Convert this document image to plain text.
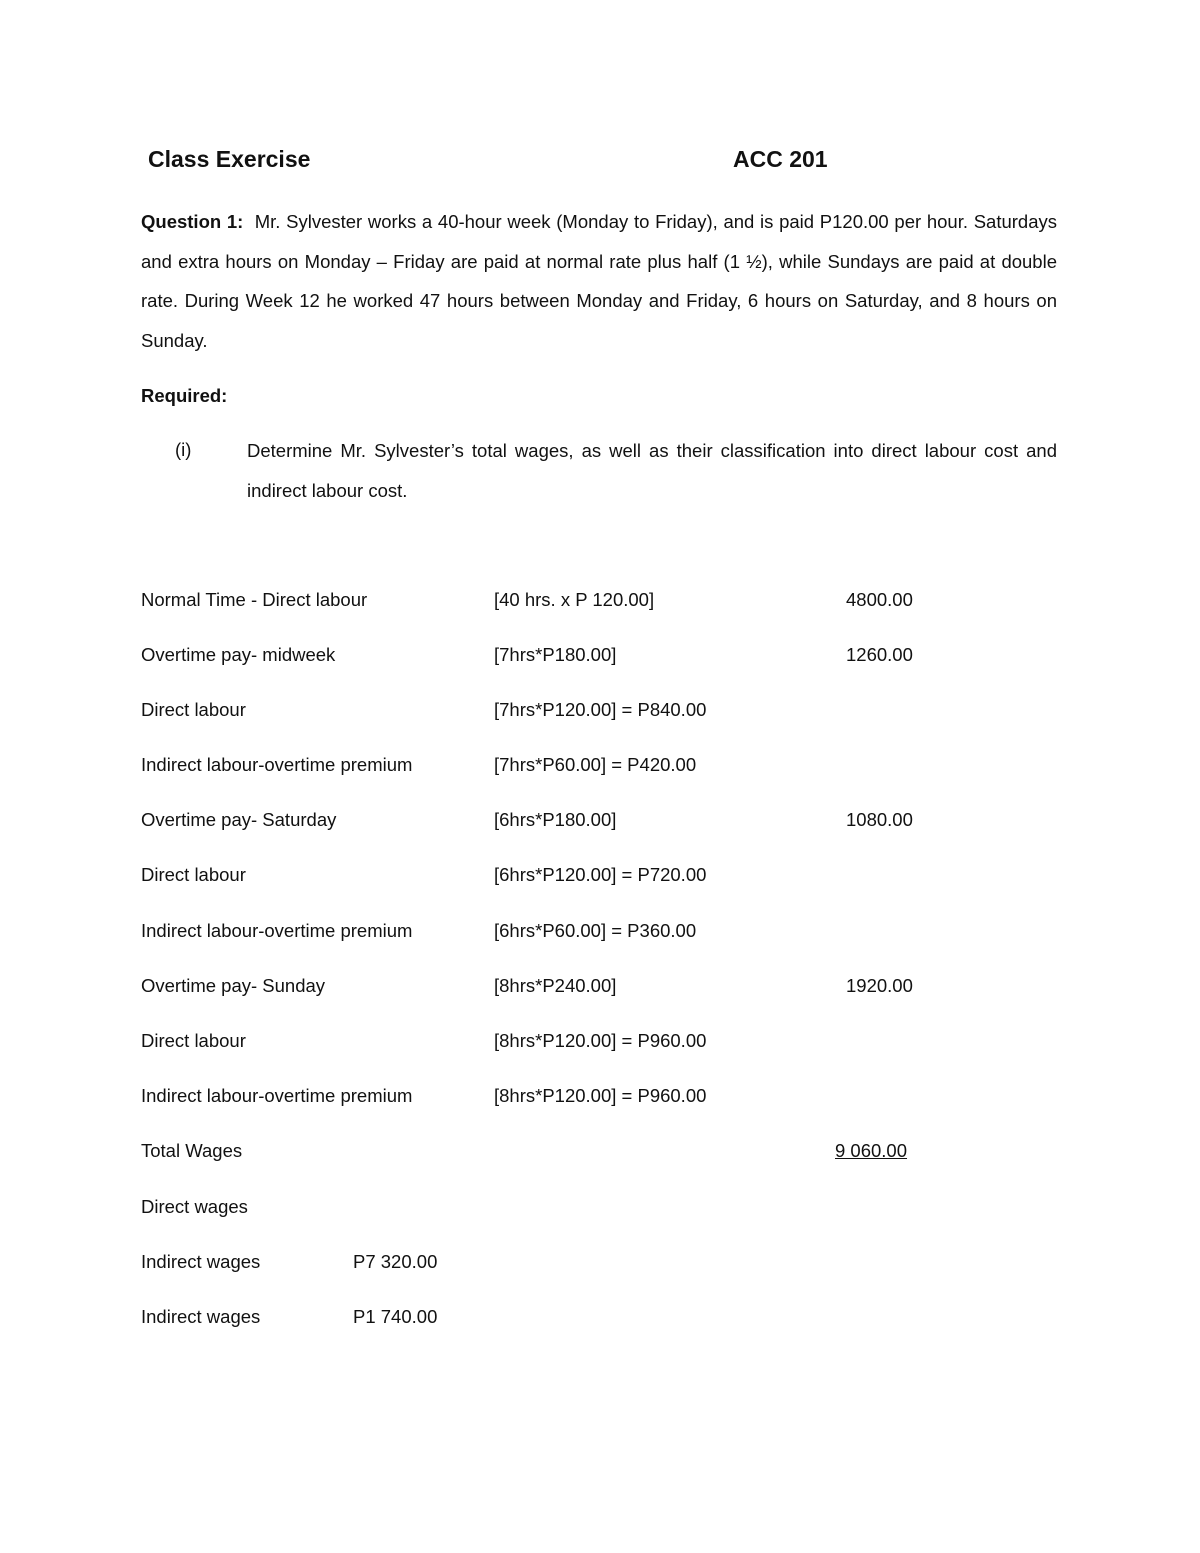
Class Exercise	ACC 201
Question 1: Mr. Sylvester works a 40-hour week (Monday to Friday), and is paid P120.00 per hour. Saturdays and extra hours on Monday – Friday are paid at normal rate plus half (1 ½), while Sundays are paid at double rate. During Week 12 he worked 47 hours between Monday and Friday, 6 hours on Saturday, and 8 hours on Sunday.
Required:
(i)	Determine Mr. Sylvester’s total wages, as well as their classification into direct labour cost and indirect labour cost.
Normal Time - Direct labour	[40 hrs. x P 120.00]	4800.00
Overtime pay- midweek	[7hrs*P180.00]	1260.00
Direct labour	[7hrs*P120.00] = P840.00
Indirect labour-overtime premium	[7hrs*P60.00] = P420.00
Overtime pay- Saturday	[6hrs*P180.00]	1080.00
Direct labour	[6hrs*P120.00] = P720.00
Indirect labour-overtime premium	[6hrs*P60.00] = P360.00
Overtime pay- Sunday	[8hrs*P240.00]	1920.00
Direct labour	[8hrs*P120.00] = P960.00
Indirect labour-overtime premium	[8hrs*P120.00] = P960.00
Total Wages	9 060.00
Direct wages
Indirect wages	P7 320.00
Indirect wages	P1 740.00
